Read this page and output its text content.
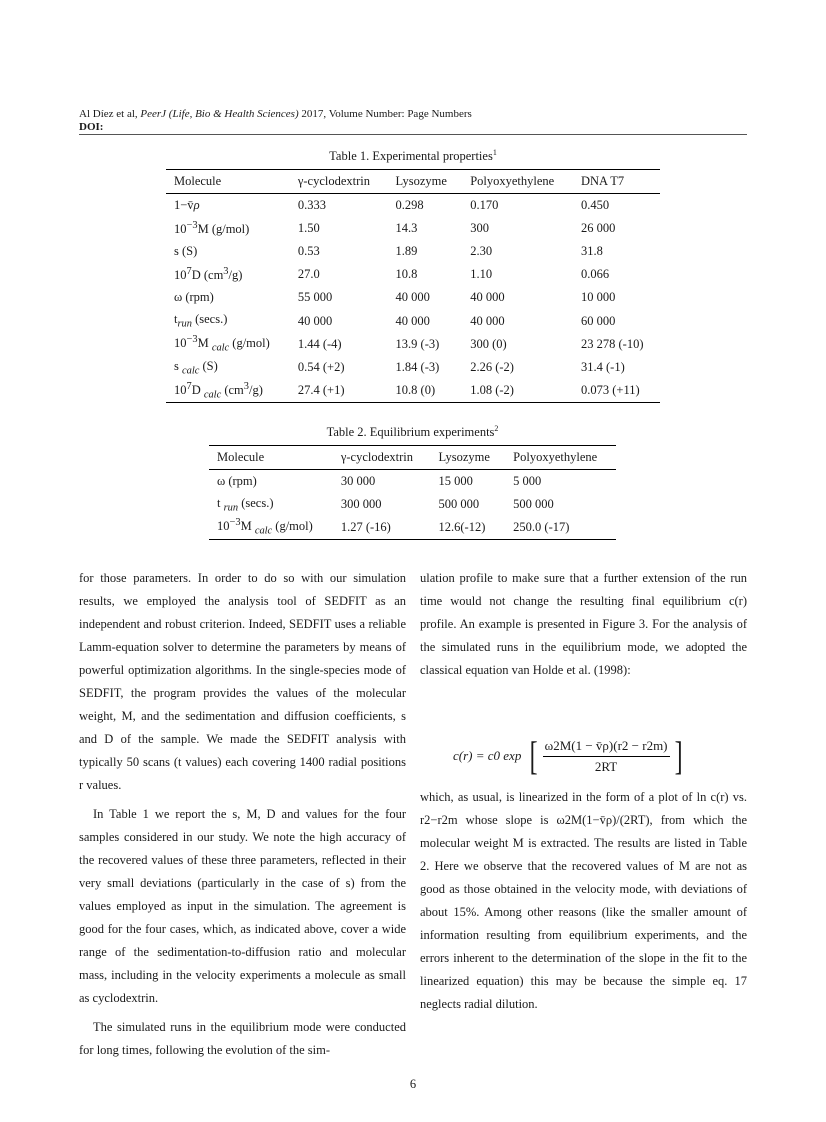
Al Díez et al, PeerJ (Life, Bio & Health Sciences) 2017, Volume Number: Page Numbers
DOI:
Table 1. Experimental properties$^1$
Molecule	γ-cyclodextrin	Lysozyme	Polyoxyethylene	DNA T7
1−v̄ρ	0.333	0.298	0.170	0.450
$10^{-3}M$ (g/mol)	1.50	14.3	300	26 000
s (S)	0.53	1.89	2.30	31.8
$10^7D$ $(cm^3/g)$	27.0	10.8	1.10	0.066
ω (rpm)	55 000	40 000	40 000	10 000
$t_{run}$ (secs.)	40 000	40 000	40 000	60 000
$10^{-3}M$ $_{calc}$ (g/mol)	1.44 (-4)	13.9 (-3)	300 (0)	23 278 (-10)
s $_{calc}$ (S)	0.54 (+2)	1.84 (-3)	2.26 (-2)	31.4 (-1)
$10^7D$ $_{calc}$ $(cm^3/g)$	27.4 (+1)	10.8 (0)	1.08 (-2)	0.073 (+11)
Table 2. Equilibrium experiments$^2$
Molecule	γ-cyclodextrin	Lysozyme	Polyoxyethylene
ω (rpm)	30 000	15 000	5 000
t $_{run}$ (secs.)	300 000	500 000	500 000
$10^{-3}M$ $_{calc}$ (g/mol)	1.27 (-16)	12.6(-12)	250.0 (-17)

for those parameters. In order to do so with our simulation results, we employed the analysis tool of SEDFIT as an independent and robust criterion. Indeed, SEDFIT uses a reliable Lamm-equation solver to determine the parameters by means of powerful optimization algorithms. In the single-species mode of SEDFIT, the program provides the values of the molecular weight, M, and the sedimentation and diffusion coefficients, s and D of the sample. We made the SEDFIT analysis with typically 50 scans (t values) each covering 1400 radial positions r values.

In Table 1 we report the s, M, D and values for the four samples considered in our study. We note the high accuracy of the recovered values of these three parameters, reflected in their very small deviations (particularly in the case of s) from the values employed as input in the simulation. The agreement is good for the four cases, which, as indicated above, cover a wide range of the sedimentation-to-diffusion ratio and molecular mass, including in the velocity experiments a molecule as small as cyclodextrin.

The simulated runs in the equilibrium mode were conducted for long times, following the evolution of the sim-

ulation profile to make sure that a further extension of the run time would not change the resulting final equilibrium c(r) profile. An example is presented in Figure 3. For the analysis of the simulated runs in the equilibrium mode, we adopted the classical equation van Holde et al. (1998):

which, as usual, is linearized in the form of a plot of ln c(r) vs. r2−r2m whose slope is ω2M(1−v̄ρ)/(2RT), from which the molecular weight M is extracted. The results are listed in Table 2. Here we observe that the recovered values of M are not as good as those obtained in the velocity mode, with deviations of about 15%. Among other reasons (like the smaller amount of information resulting from equilibrium experiments, and the errors inherent to the determination of the slope in the fit to the linearized equation) this may be because the simple eq. 17 neglects radial dilution.

c(r) = c0 exp [ $\frac{\omega 2M(1 - v̄\rho)(r2 - r2m)}{2RT}$ ]
6
